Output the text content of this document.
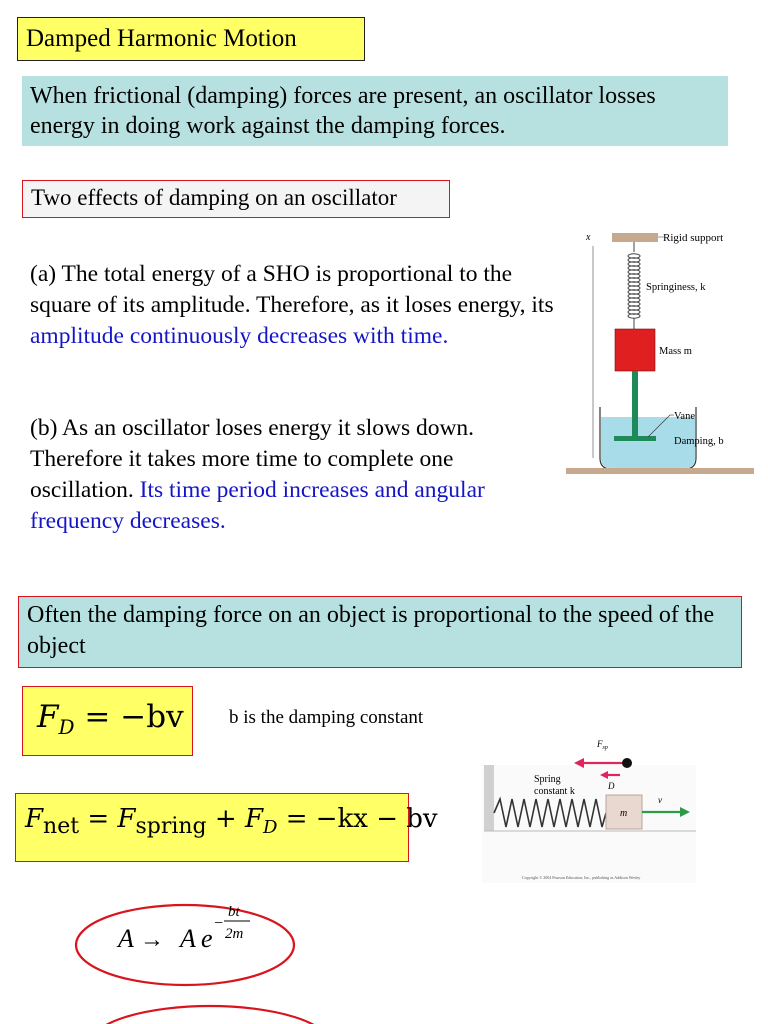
Damped Harmonic Motion
When frictional (damping) forces are present, an oscillator losses energy in doing work against the damping forces.
Two effects of damping on an oscillator
(a) The total energy of a SHO is proportional to the square of its amplitude. Therefore, as it loses energy, its amplitude continuously decreases with time.
(b) As an oscillator loses energy it slows down. Therefore it takes more time to complete one oscillation. Its time period increases and angular frequency decreases.
x	Rigid support
Springiness, k
Mass m
Vane
Damping, b
Often the damping force on an object is proportional to the speed of the object
$F_D = -bv$ b is the damping constant
$F_{sp}$
D
Spring
constant k
m
v
Copyright © 2004 Pearson Education, Inc., publishing as Addison Wesley
$F_{net} = F_{spring} + F_D = -kx$ − bv
A → A e
−
bt
2m
